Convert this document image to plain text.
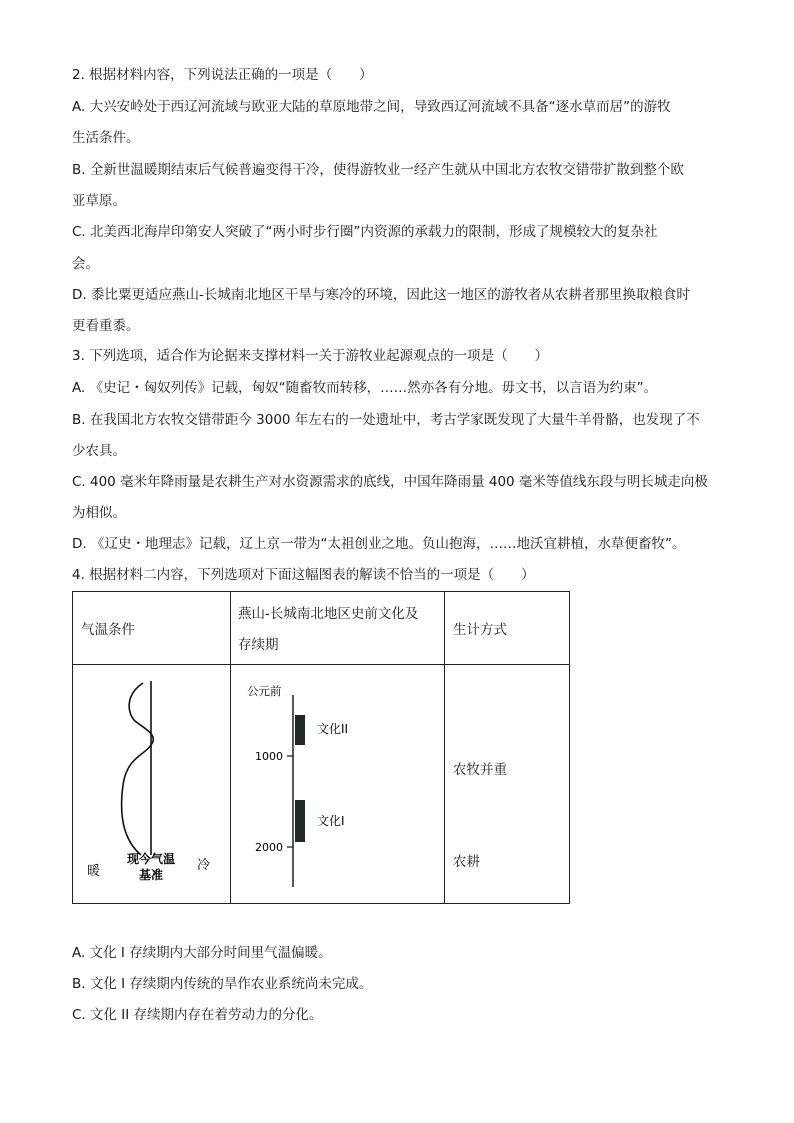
2. 根据材料内容，下列说法正确的一项是（　　）
A. 大兴安岭处于西辽河流域与欧亚大陆的草原地带之间，导致西辽河流域不具备“逐水草而居”的游牧
生活条件。
B. 全新世温暖期结束后气候普遍变得干冷，使得游牧业一经产生就从中国北方农牧交错带扩散到整个欧
亚草原。
C. 北美西北海岸印第安人突破了“两小时步行圈”内资源的承载力的限制，形成了规模较大的复杂社
会。
D. 黍比粟更适应燕山-长城南北地区干旱与寒冷的环境，因此这一地区的游牧者从农耕者那里换取粮食时
更看重黍。
3. 下列选项，适合作为论据来支撑材料一关于游牧业起源观点的一项是（　　）
A. 《史记・匈奴列传》记载，匈奴“随畜牧而转移，……然亦各有分地。毋文书，以言语为约束”。
B. 在我国北方农牧交错带距今 3000 年左右的一处遗址中，考古学家既发现了大量牛羊骨骼，也发现了不
少农具。
C. 400 毫米年降雨量是农耕生产对水资源需求的底线，中国年降雨量 400 毫米等值线东段与明长城走向极
为相似。
D. 《辽史・地理志》记载，辽上京一带为“太祖创业之地。负山抱海，……地沃宜耕植，水草便畜牧”。
4. 根据材料二内容，下列选项对下面这幅图表的解读不恰当的一项是（　　）
气温条件
燕山-长城南北地区史前文化及
存续期
生计方式
暖
现今气温
基准
冷
公元前
1000
2000
文化II
文化I
农牧并重
农耕
A. 文化 I 存续期内大部分时间里气温偏暖。
B. 文化 I 存续期内传统的旱作农业系统尚未完成。
C. 文化 II 存续期内存在着劳动力的分化。
